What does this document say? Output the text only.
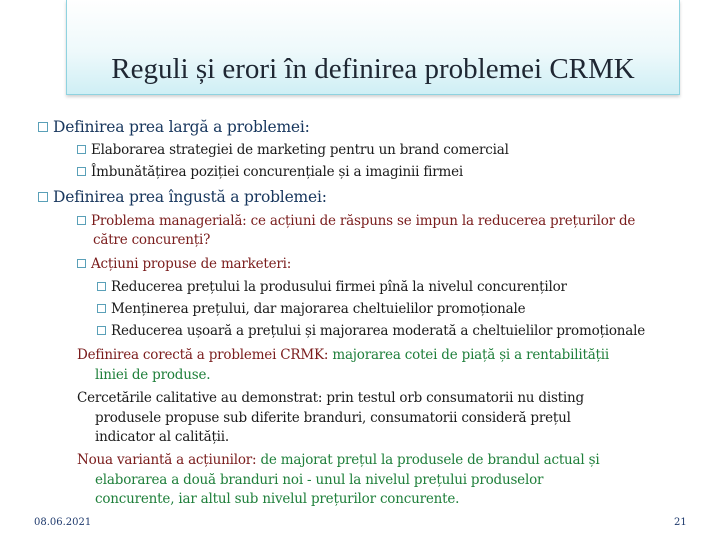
Reguli și erori în definirea problemei CRMK
Definirea prea largă a problemei:
Elaborarea strategiei de marketing pentru un brand comercial
Îmbunătățirea poziției concurențiale și a imaginii firmei
Definirea prea îngustă a problemei:
Problema managerială: ce acțiuni de răspuns se impun la reducerea prețurilor de
către concurenți?
Acțiuni propuse de marketeri:
Reducerea prețului la produsului firmei pînă la nivelul concurenților
Menținerea prețului, dar majorarea cheltuielilor promoționale
Reducerea ușoară a prețului și majorarea moderată a cheltuielilor promoționale
Definirea corectă a problemei CRMK: majorarea cotei de piață și a rentabilității
liniei de produse.
Cercetările calitative au demonstrat: prin testul orb consumatorii nu disting
produsele propuse sub diferite branduri, consumatorii consideră prețul
indicator al calității.
Noua variantă a acțiunilor: de majorat prețul la produsele de brandul actual și
elaborarea a două branduri noi - unul la nivelul prețului produselor
concurente, iar altul sub nivelul prețurilor concurente.
08.06.2021	21
